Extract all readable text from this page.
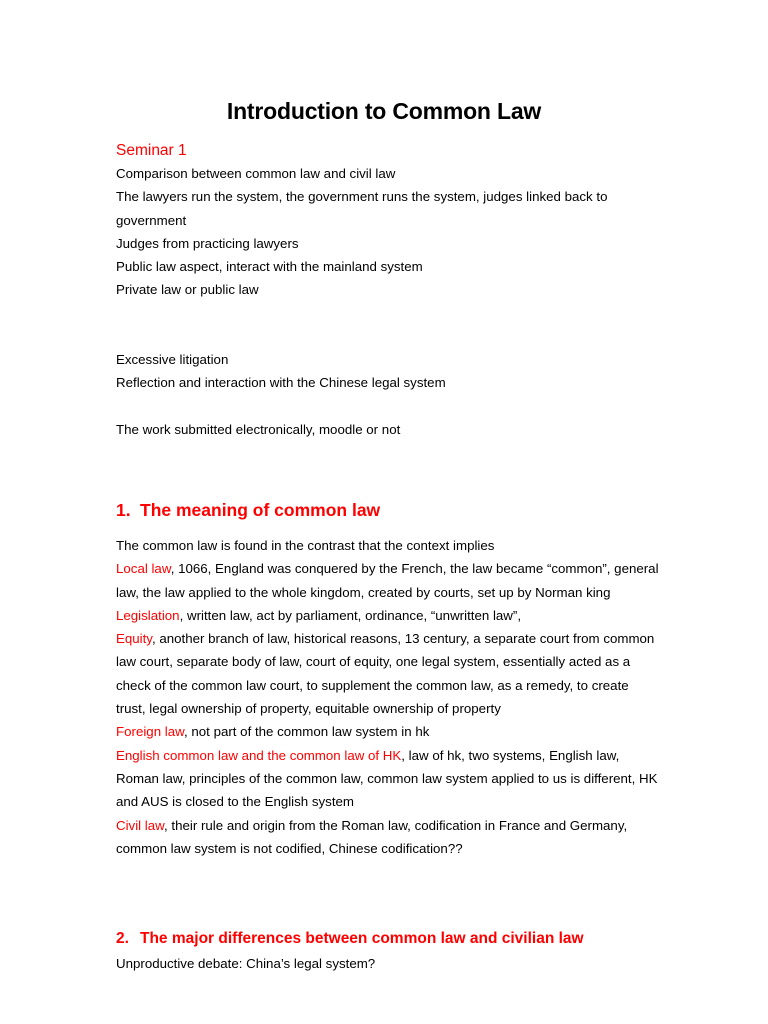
Introduction to Common Law
Seminar 1
Comparison between common law and civil law
The lawyers run the system, the government runs the system, judges linked back to government
Judges from practicing lawyers
Public law aspect, interact with the mainland system
Private law or public law
Excessive litigation
Reflection and interaction with the Chinese legal system
The work submitted electronically, moodle or not
1. The meaning of common law

The common law is found in the contrast that the context implies

Local law, 1066, England was conquered by the French, the law became “common”, general law, the law applied to the whole kingdom, created by courts, set up by Norman king

Legislation, written law, act by parliament, ordinance, “unwritten law”,

Equity, another branch of law, historical reasons, 13 century, a separate court from common law court, separate body of law, court of equity, one legal system, essentially acted as a check of the common law court, to supplement the common law, as a remedy, to create trust, legal ownership of property, equitable ownership of property

Foreign law, not part of the common law system in hk

English common law and the common law of HK, law of hk, two systems, English law, Roman law, principles of the common law, common law system applied to us is different, HK and AUS is closed to the English system

Civil law, their rule and origin from the Roman law, codification in France and Germany, common law system is not codified, Chinese codification??

2. The major differences between common law and civilian law

Unproductive debate: China’s legal system?
